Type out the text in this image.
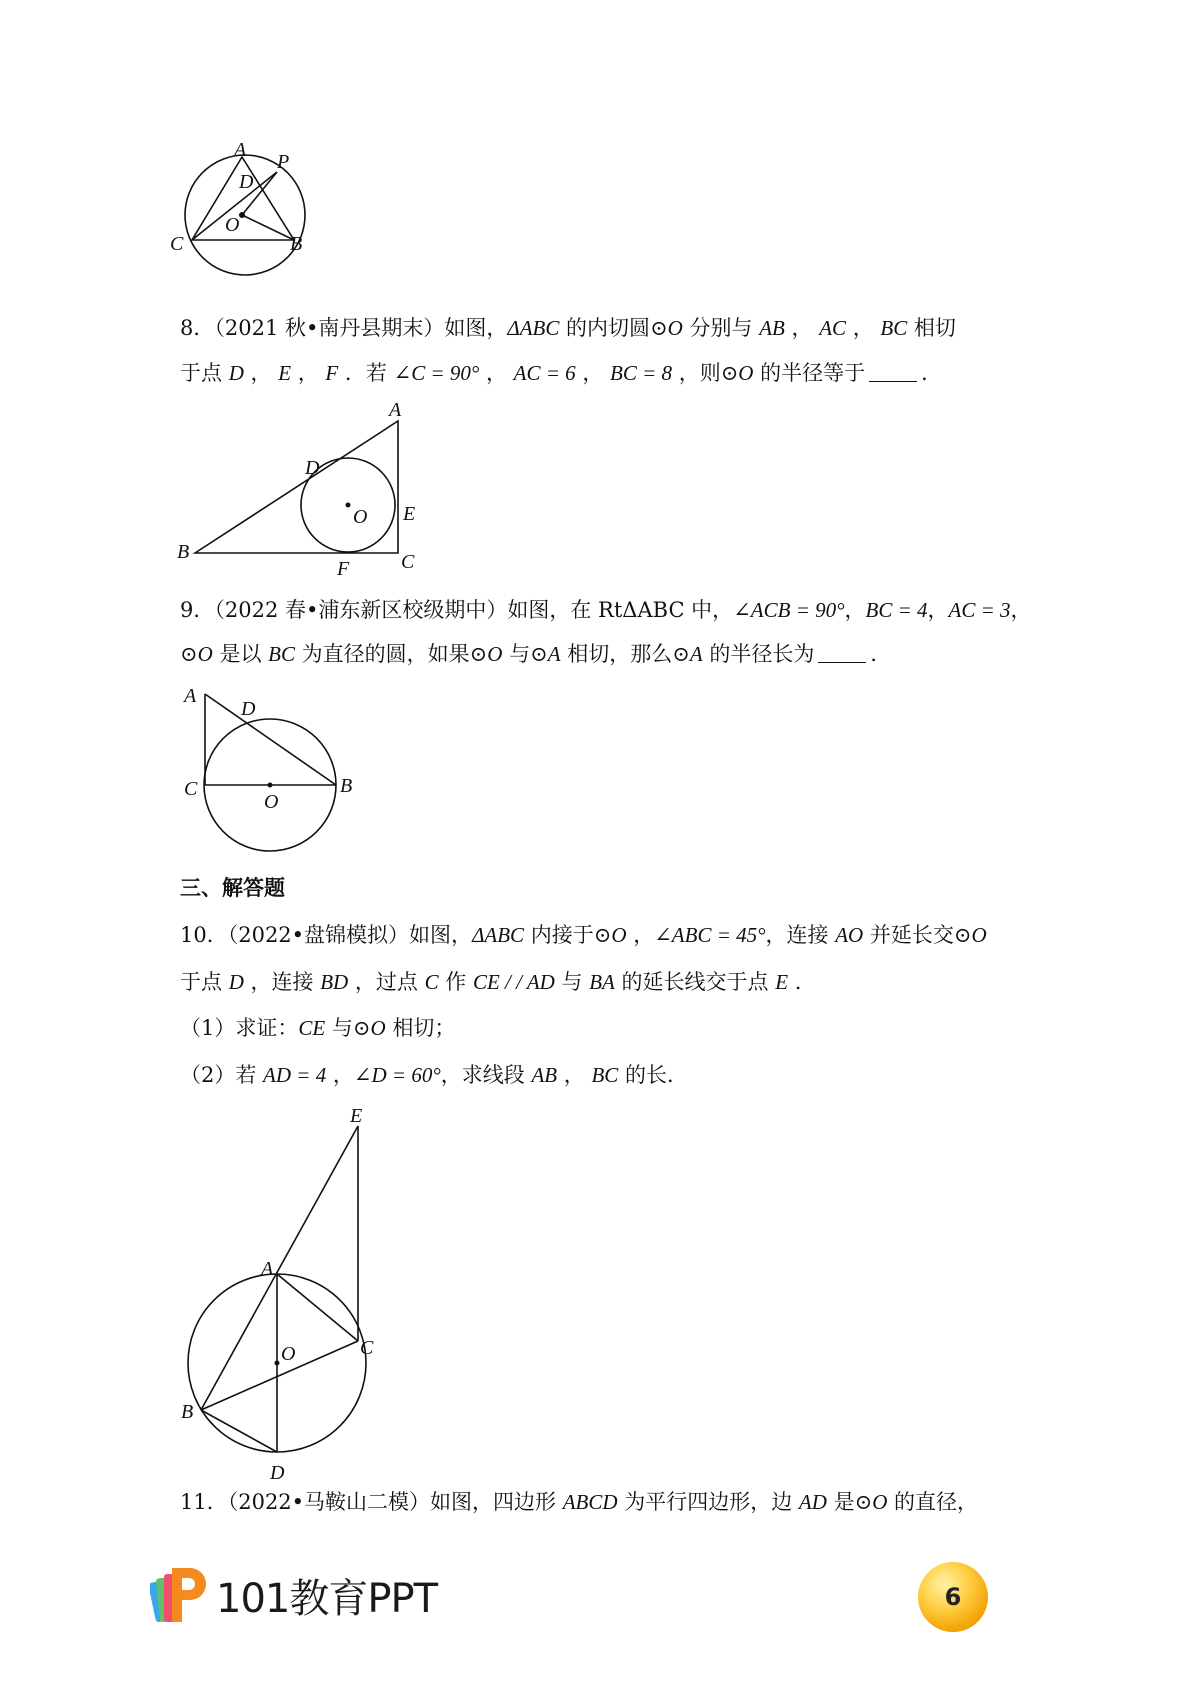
A
P
D
O
C	B
8．（2021 秋•南丹县期末）如图，ΔABC 的内切圆⊙O 分别与 AB ， AC ， BC 相切
于点 D ， E ， F ．若 ∠C = 90° ， AC = 6 ， BC = 8 ，则⊙O 的半径等于	．
A
D
O E
B
F	C
9．（2022 春•浦东新区校级期中）如图，在 RtΔABC 中，∠ACB = 90°，BC = 4，AC = 3，
⊙O 是以 BC 为直径的圆，如果⊙O 与⊙A 相切，那么⊙A 的半径长为	．
A
D
C
O
B
三、解答题
10．（2022•盘锦模拟）如图，ΔABC 内接于⊙O ，∠ABC = 45°，连接 AO 并延长交⊙O
于点 D ，连接 BD ，过点 C 作 CE / / AD 与 BA 的延长线交于点 E .
（1）求证：CE 与⊙O 相切；
（2）若 AD = 4 ，∠D = 60°，求线段 AB ， BC 的长．
E
A
O	C
B
D
11．（2022•马鞍山二模）如图，四边形 ABCD 为平行四边形，边 AD 是⊙O 的直径，
101教育PPT	6
